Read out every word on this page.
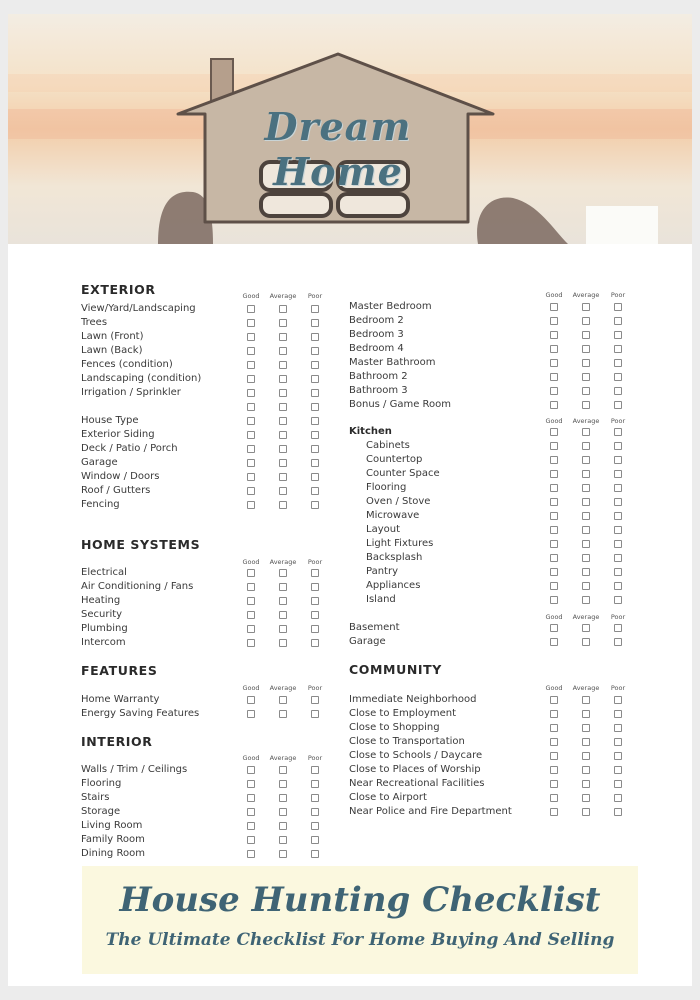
Dream Home
House Hunting Checklist
The Ultimate Checklist For Home Buying And Selling
EXTERIOR	Good Average Poor
View/Yard/Landscaping
Trees
Lawn (Front)
Lawn (Back)
Fences (condition)
Landscaping (condition)
Irrigation / Sprinkler
House Type
Exterior Siding
Deck / Patio / Porch
Garage
Window / Doors
Roof / Gutters
Fencing
HOME SYSTEMS
Good Average Poor
Electrical
Air Conditioning / Fans
Heating
Security
Plumbing
Intercom
FEATURES
Good Average Poor
Home Warranty
Energy Saving Features
INTERIOR
Good Average Poor
Walls / Trim / Ceilings
Flooring
Stairs
Storage
Living Room
Family Room
Dining Room
Good Average Poor
Master Bedroom
Bedroom 2
Bedroom 3
Bedroom 4
Master Bathroom
Bathroom 2
Bathroom 3
Bonus / Game Room
Good Average Poor
Kitchen
Cabinets
Countertop
Counter Space
Flooring
Oven / Stove
Microwave
Layout
Light Fixtures
Backsplash
Pantry
Appliances
Island
Good Average Poor
Basement
Garage
COMMUNITY
Good Average Poor
Immediate Neighborhood
Close to Employment
Close to Shopping
Close to Transportation
Close to Schools / Daycare
Close to Places of Worship
Near Recreational Facilities
Close to Airport
Near Police and Fire Department
